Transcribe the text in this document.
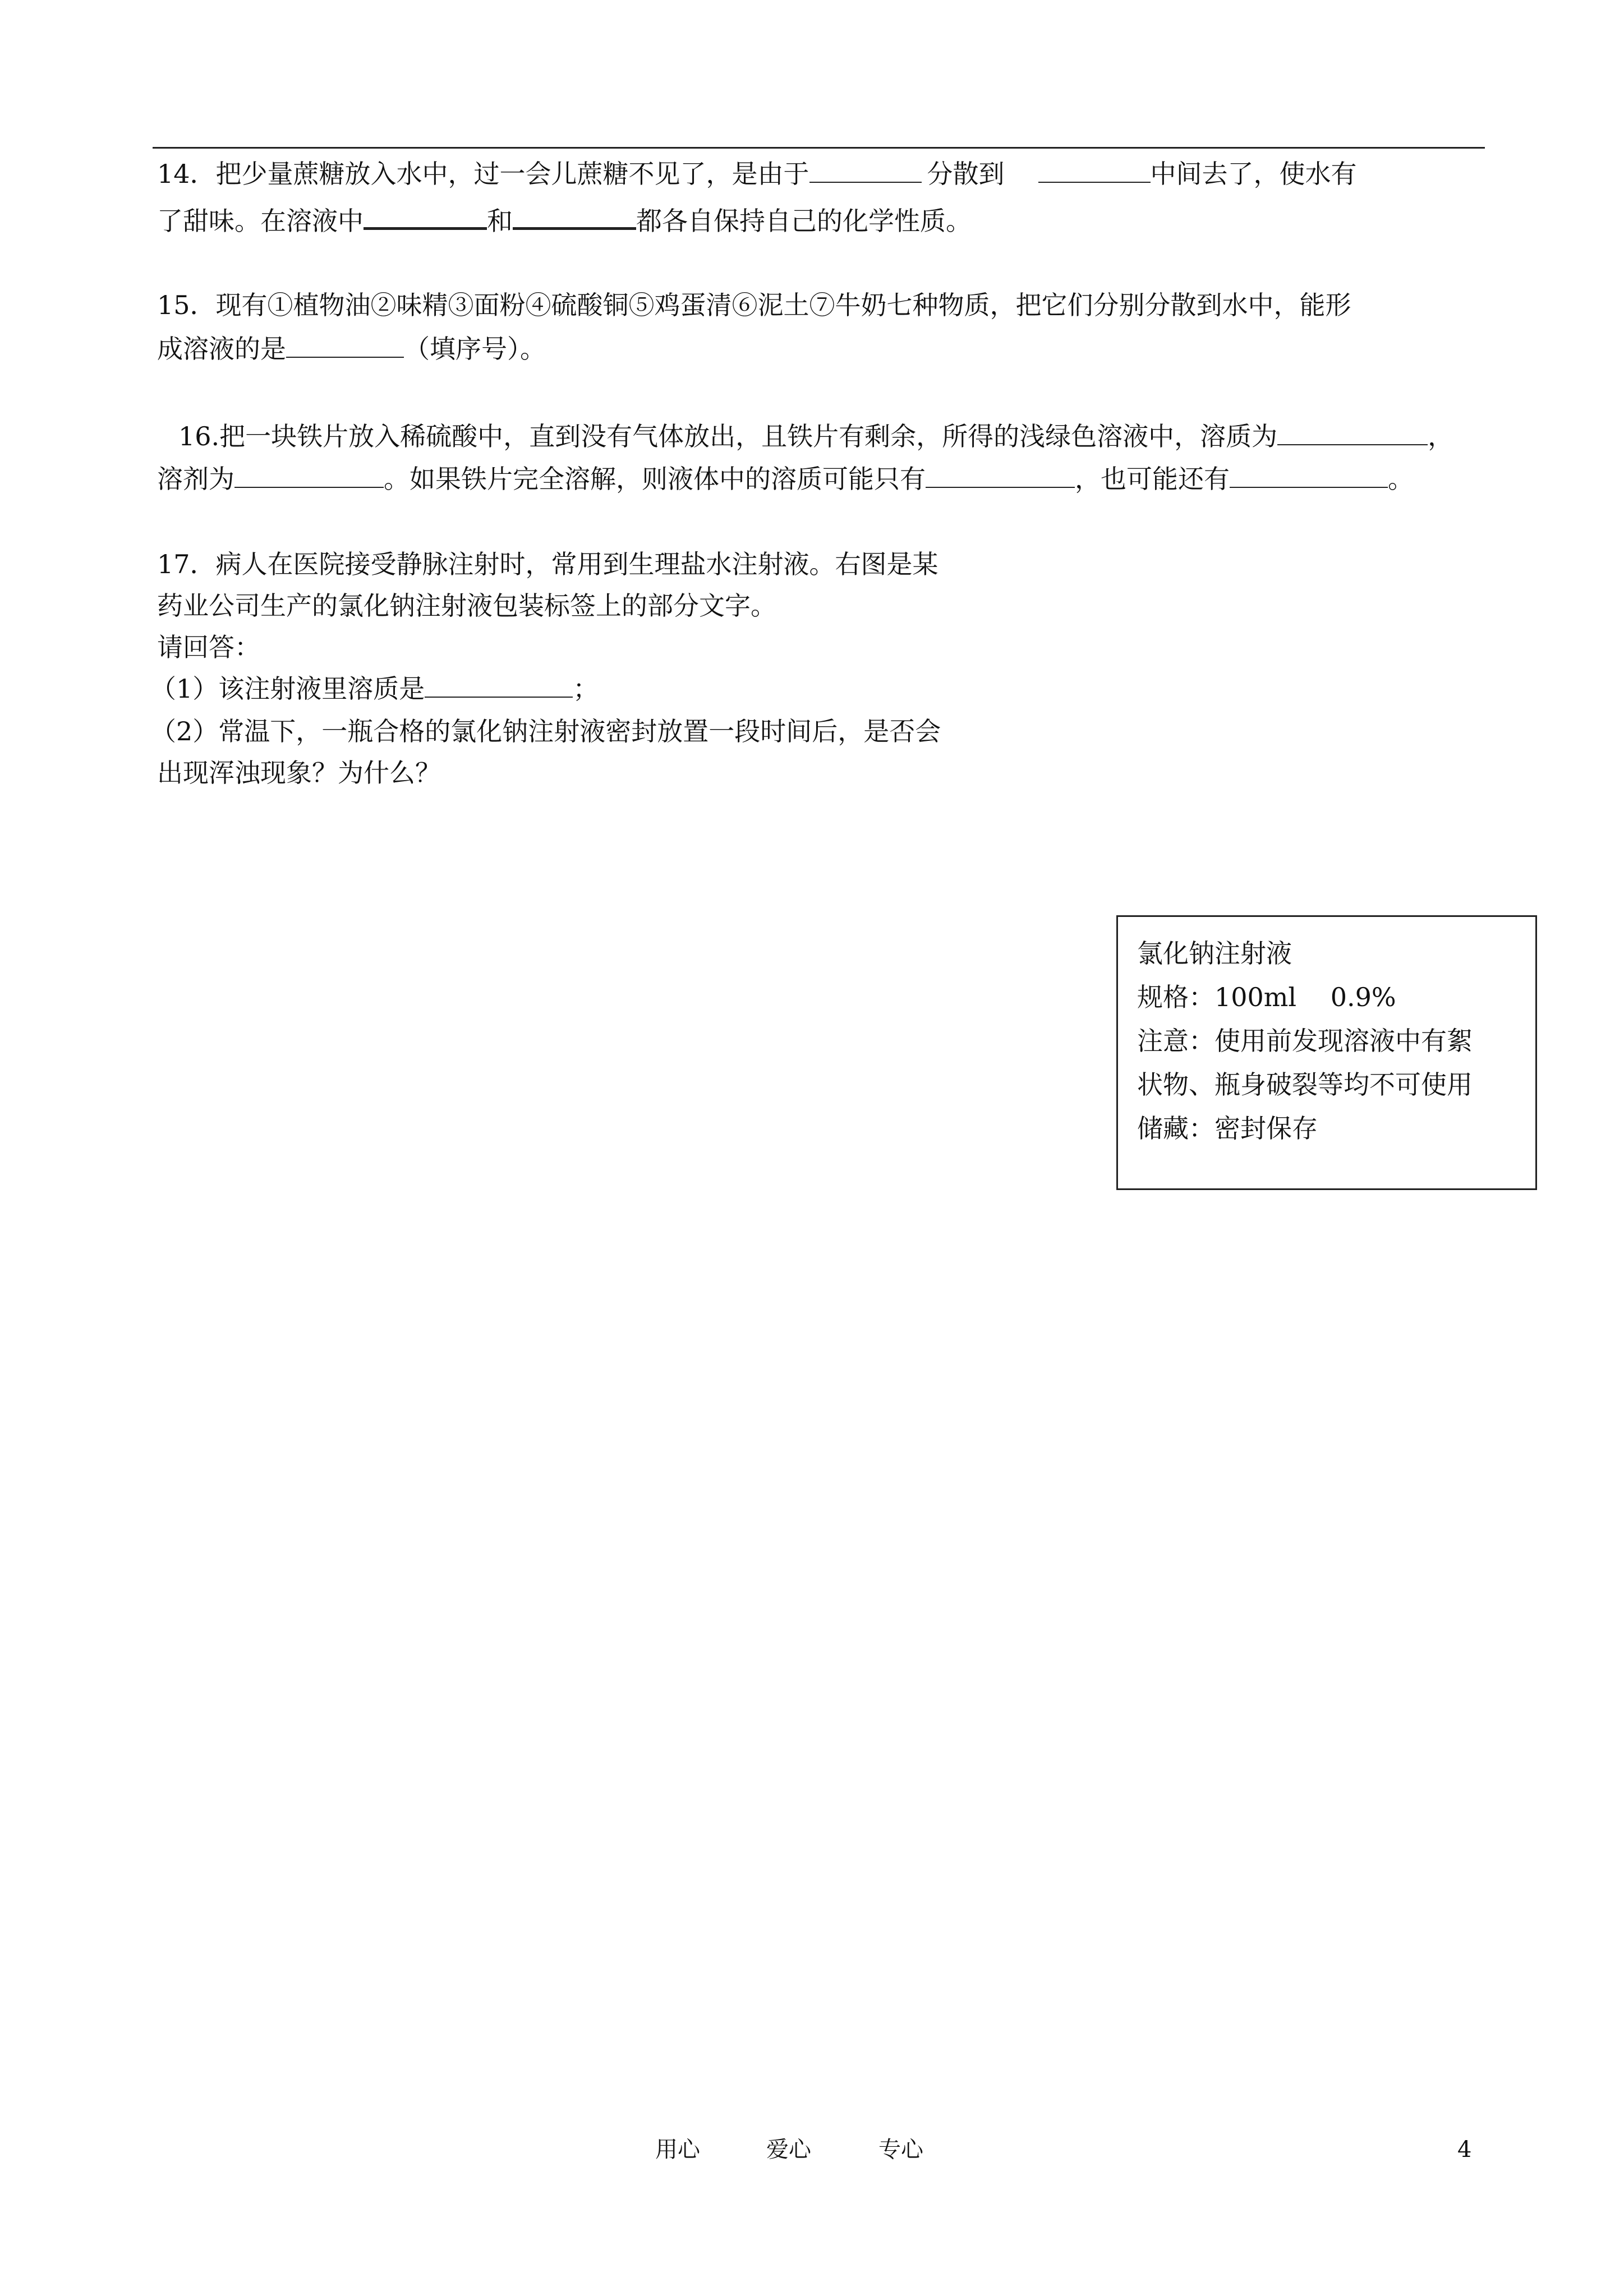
14．把少量蔗糖放入水中，过一会儿蔗糖不见了，是由于	分散到	中间去了，使水有
了甜味。在溶液中	和	都各自保持自己的化学性质。
15．现有①植物油②味精③面粉④硫酸铜⑤鸡蛋清⑥泥土⑦牛奶七种物质，把它们分别分散到水中，能形
成溶液的是	（填序号）。
16.把一块铁片放入稀硫酸中，直到没有气体放出，且铁片有剩余，所得的浅绿色溶液中，溶质为	，
溶剂为	。如果铁片完全溶解，则液体中的溶质可能只有	，也可能还有	。
17．病人在医院接受静脉注射时，常用到生理盐水注射液。右图是某
药业公司生产的氯化钠注射液包装标签上的部分文字。
请回答：
（1）该注射液里溶质是	；
（2）常温下，一瓶合格的氯化钠注射液密封放置一段时间后，是否会
出现浑浊现象？为什么？
氯化钠注射液
规格：100ml　 0.9%
注意：使用前发现溶液中有絮
状物、瓶身破裂等均不可使用
储藏：密封保存
用心	爱心	专心	4
